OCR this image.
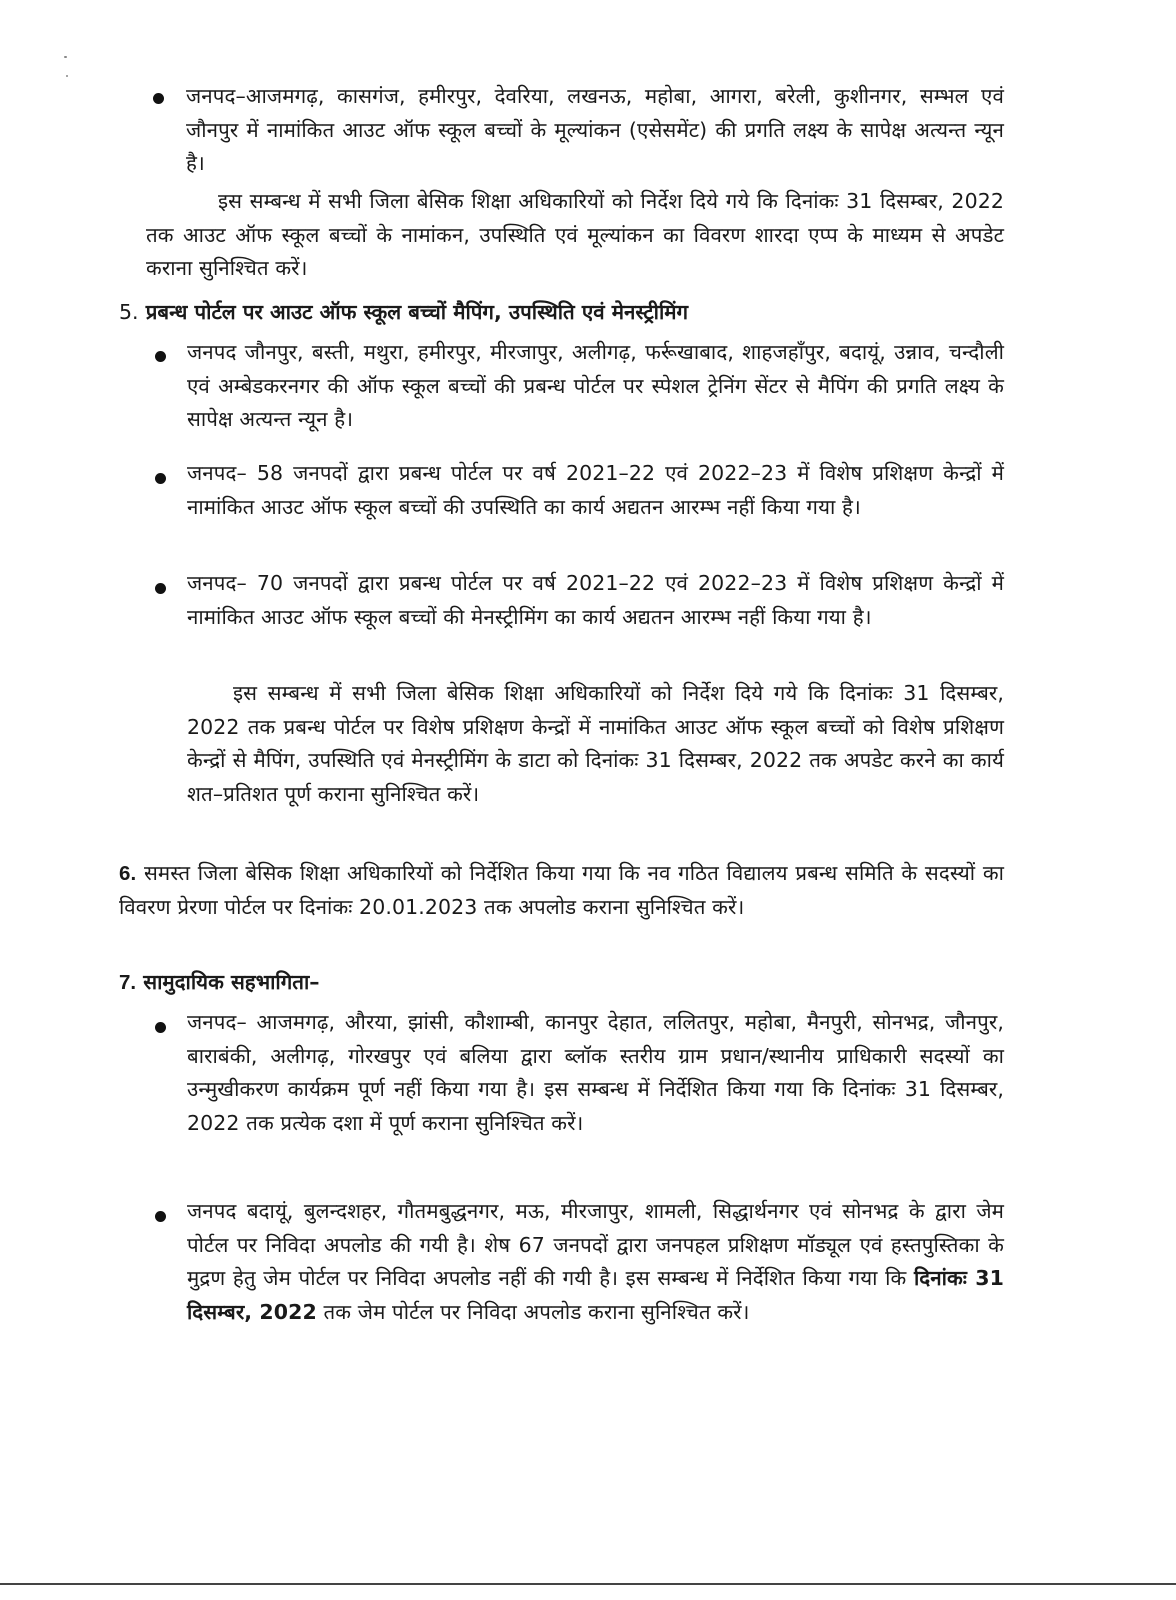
जनपद–आजमगढ़, कासगंज, हमीरपुर, देवरिया, लखनऊ, महोबा, आगरा, बरेली, कुशीनगर, सम्भल एवं जौनपुर में नामांकित आउट ऑफ स्कूल बच्चों के मूल्यांकन (एसेसमेंट) की प्रगति लक्ष्य के सापेक्ष अत्यन्त न्यून है।
इस सम्बन्ध में सभी जिला बेसिक शिक्षा अधिकारियों को निर्देश दिये गये कि दिनांकः 31 दिसम्बर, 2022 तक आउट ऑफ स्कूल बच्चों के नामांकन, उपस्थिति एवं मूल्यांकन का विवरण शारदा एप्प के माध्यम से अपडेट कराना सुनिश्चित करें।
5. प्रबन्ध पोर्टल पर आउट ऑफ स्कूल बच्चों मैपिंग, उपस्थिति एवं मेनस्ट्रीमिंग
जनपद जौनपुर, बस्ती, मथुरा, हमीरपुर, मीरजापुर, अलीगढ़, फर्रूखाबाद, शाहजहाँपुर, बदायूं, उन्नाव, चन्दौली एवं अम्बेडकरनगर की ऑफ स्कूल बच्चों की प्रबन्ध पोर्टल पर स्पेशल ट्रेनिंग सेंटर से मैपिंग की प्रगति लक्ष्य के सापेक्ष अत्यन्त न्यून है।
जनपद– 58 जनपदों द्वारा प्रबन्ध पोर्टल पर वर्ष 2021–22 एवं 2022–23 में विशेष प्रशिक्षण केन्द्रों में नामांकित आउट ऑफ स्कूल बच्चों की उपस्थिति का कार्य अद्यतन आरम्भ नहीं किया गया है।
जनपद– 70 जनपदों द्वारा प्रबन्ध पोर्टल पर वर्ष 2021–22 एवं 2022–23 में विशेष प्रशिक्षण केन्द्रों में नामांकित आउट ऑफ स्कूल बच्चों की मेनस्ट्रीमिंग का कार्य अद्यतन आरम्भ नहीं किया गया है।
इस सम्बन्ध में सभी जिला बेसिक शिक्षा अधिकारियों को निर्देश दिये गये कि दिनांकः 31 दिसम्बर, 2022 तक प्रबन्ध पोर्टल पर विशेष प्रशिक्षण केन्द्रों में नामांकित आउट ऑफ स्कूल बच्चों को विशेष प्रशिक्षण केन्द्रों से मैपिंग, उपस्थिति एवं मेनस्ट्रीमिंग के डाटा को दिनांकः 31 दिसम्बर, 2022 तक अपडेट करने का कार्य शत–प्रतिशत पूर्ण कराना सुनिश्चित करें।
6. समस्त जिला बेसिक शिक्षा अधिकारियों को निर्देशित किया गया कि नव गठित विद्यालय प्रबन्ध समिति के सदस्यों का विवरण प्रेरणा पोर्टल पर दिनांकः 20.01.2023 तक अपलोड कराना सुनिश्चित करें।
7. सामुदायिक सहभागिता–
जनपद– आजमगढ़, औरया, झांसी, कौशाम्बी, कानपुर देहात, ललितपुर, महोबा, मैनपुरी, सोनभद्र, जौनपुर, बाराबंकी, अलीगढ़, गोरखपुर एवं बलिया द्वारा ब्लॉक स्तरीय ग्राम प्रधान/स्थानीय प्राधिकारी सदस्यों का उन्मुखीकरण कार्यक्रम पूर्ण नहीं किया गया है। इस सम्बन्ध में निर्देशित किया गया कि दिनांकः 31 दिसम्बर, 2022 तक प्रत्येक दशा में पूर्ण कराना सुनिश्चित करें।
जनपद बदायूं, बुलन्दशहर, गौतमबुद्धनगर, मऊ, मीरजापुर, शामली, सिद्धार्थनगर एवं सोनभद्र के द्वारा जेम पोर्टल पर निविदा अपलोड की गयी है। शेष 67 जनपदों द्वारा जनपहल प्रशिक्षण मॉड्यूल एवं हस्तपुस्तिका के मुद्रण हेतु जेम पोर्टल पर निविदा अपलोड नहीं की गयी है। इस सम्बन्ध में निर्देशित किया गया कि दिनांकः 31 दिसम्बर, 2022 तक जेम पोर्टल पर निविदा अपलोड कराना सुनिश्चित करें।
